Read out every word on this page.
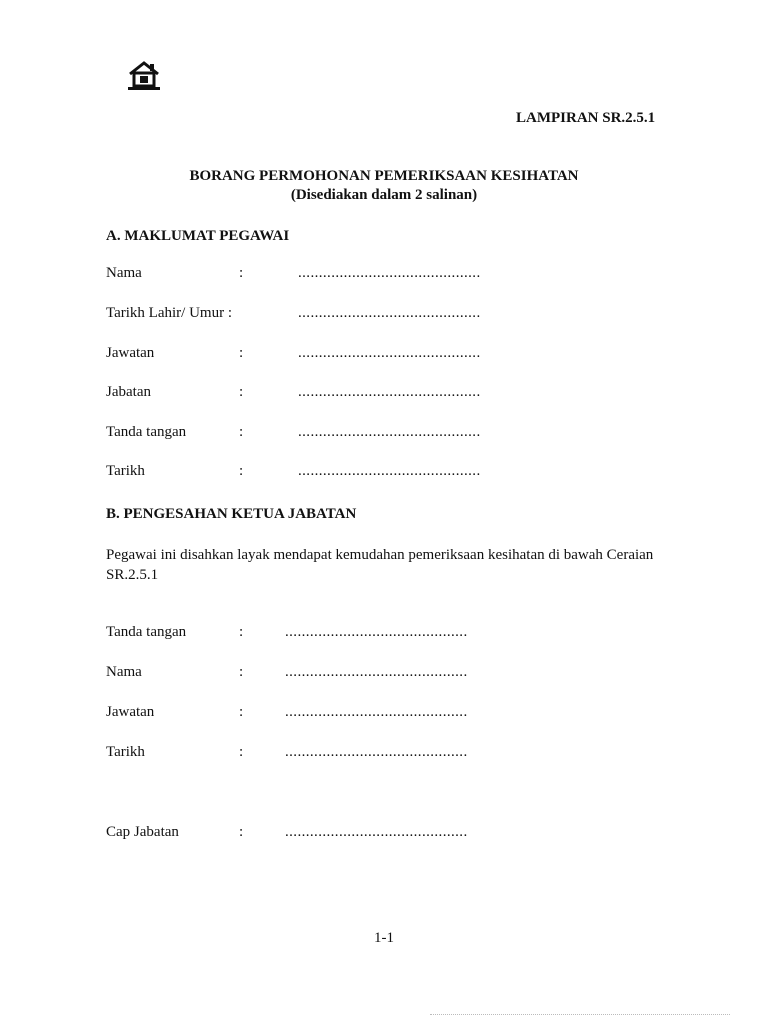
LAMPIRAN SR.2.5.1
BORANG PERMOHONAN PEMERIKSAAN KESIHATAN
(Disediakan dalam 2 salinan)
A. MAKLUMAT PEGAWAI
Nama	:	............................................
Tarikh Lahir/ Umur :	............................................
Jawatan	:	............................................
Jabatan	:	............................................
Tanda tangan	:	............................................
Tarikh	:	............................................
B. PENGESAHAN KETUA JABATAN
Pegawai ini disahkan layak mendapat kemudahan pemeriksaan kesihatan di bawah Ceraian SR.2.5.1
Tanda tangan	:	............................................
Nama	:	............................................
Jawatan	:	............................................
Tarikh	:	............................................
Cap Jabatan	:	............................................
1-1
